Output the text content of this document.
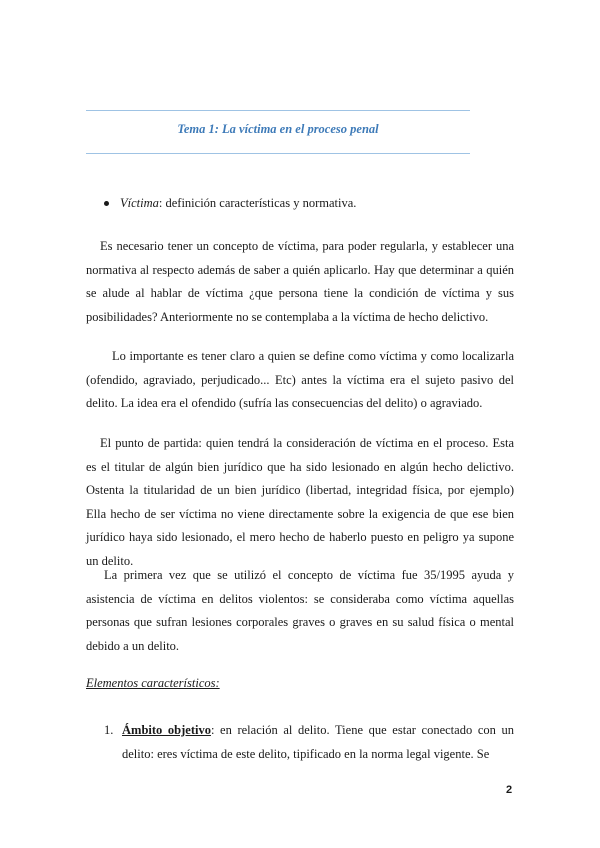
Tema 1: La víctima en el proceso penal
Víctima: definición características y normativa.

Es necesario tener un concepto de víctima, para poder regularla, y establecer una normativa al respecto además de saber a quién aplicarlo. Hay que determinar a quién se alude al hablar de víctima ¿que persona tiene la condición de víctima y sus posibilidades? Anteriormente no se contemplaba a la víctima de hecho delictivo.

Lo importante es tener claro a quien se define como víctima y como localizarla (ofendido, agraviado, perjudicado... Etc) antes la víctima era el sujeto pasivo del delito. La idea era el ofendido (sufría las consecuencias del delito) o agraviado.

El punto de partida: quien tendrá la consideración de víctima en el proceso. Esta es el titular de algún bien jurídico que ha sido lesionado en algún hecho delictivo. Ostenta la titularidad de un bien jurídico (libertad, integridad física, por ejemplo) Ella hecho de ser víctima no viene directamente sobre la exigencia de que ese bien jurídico haya sido lesionado, el mero hecho de haberlo puesto en peligro ya supone un delito.

La primera vez que se utilizó el concepto de víctima fue 35/1995 ayuda y asistencia de víctima en delitos violentos: se consideraba como víctima aquellas personas que sufran lesiones corporales graves o graves en su salud física o mental debido a un delito.

Elementos característicos:
1. Ámbito objetivo: en relación al delito. Tiene que estar conectado con un delito: eres víctima de este delito, tipificado en la norma legal vigente. Se
2
